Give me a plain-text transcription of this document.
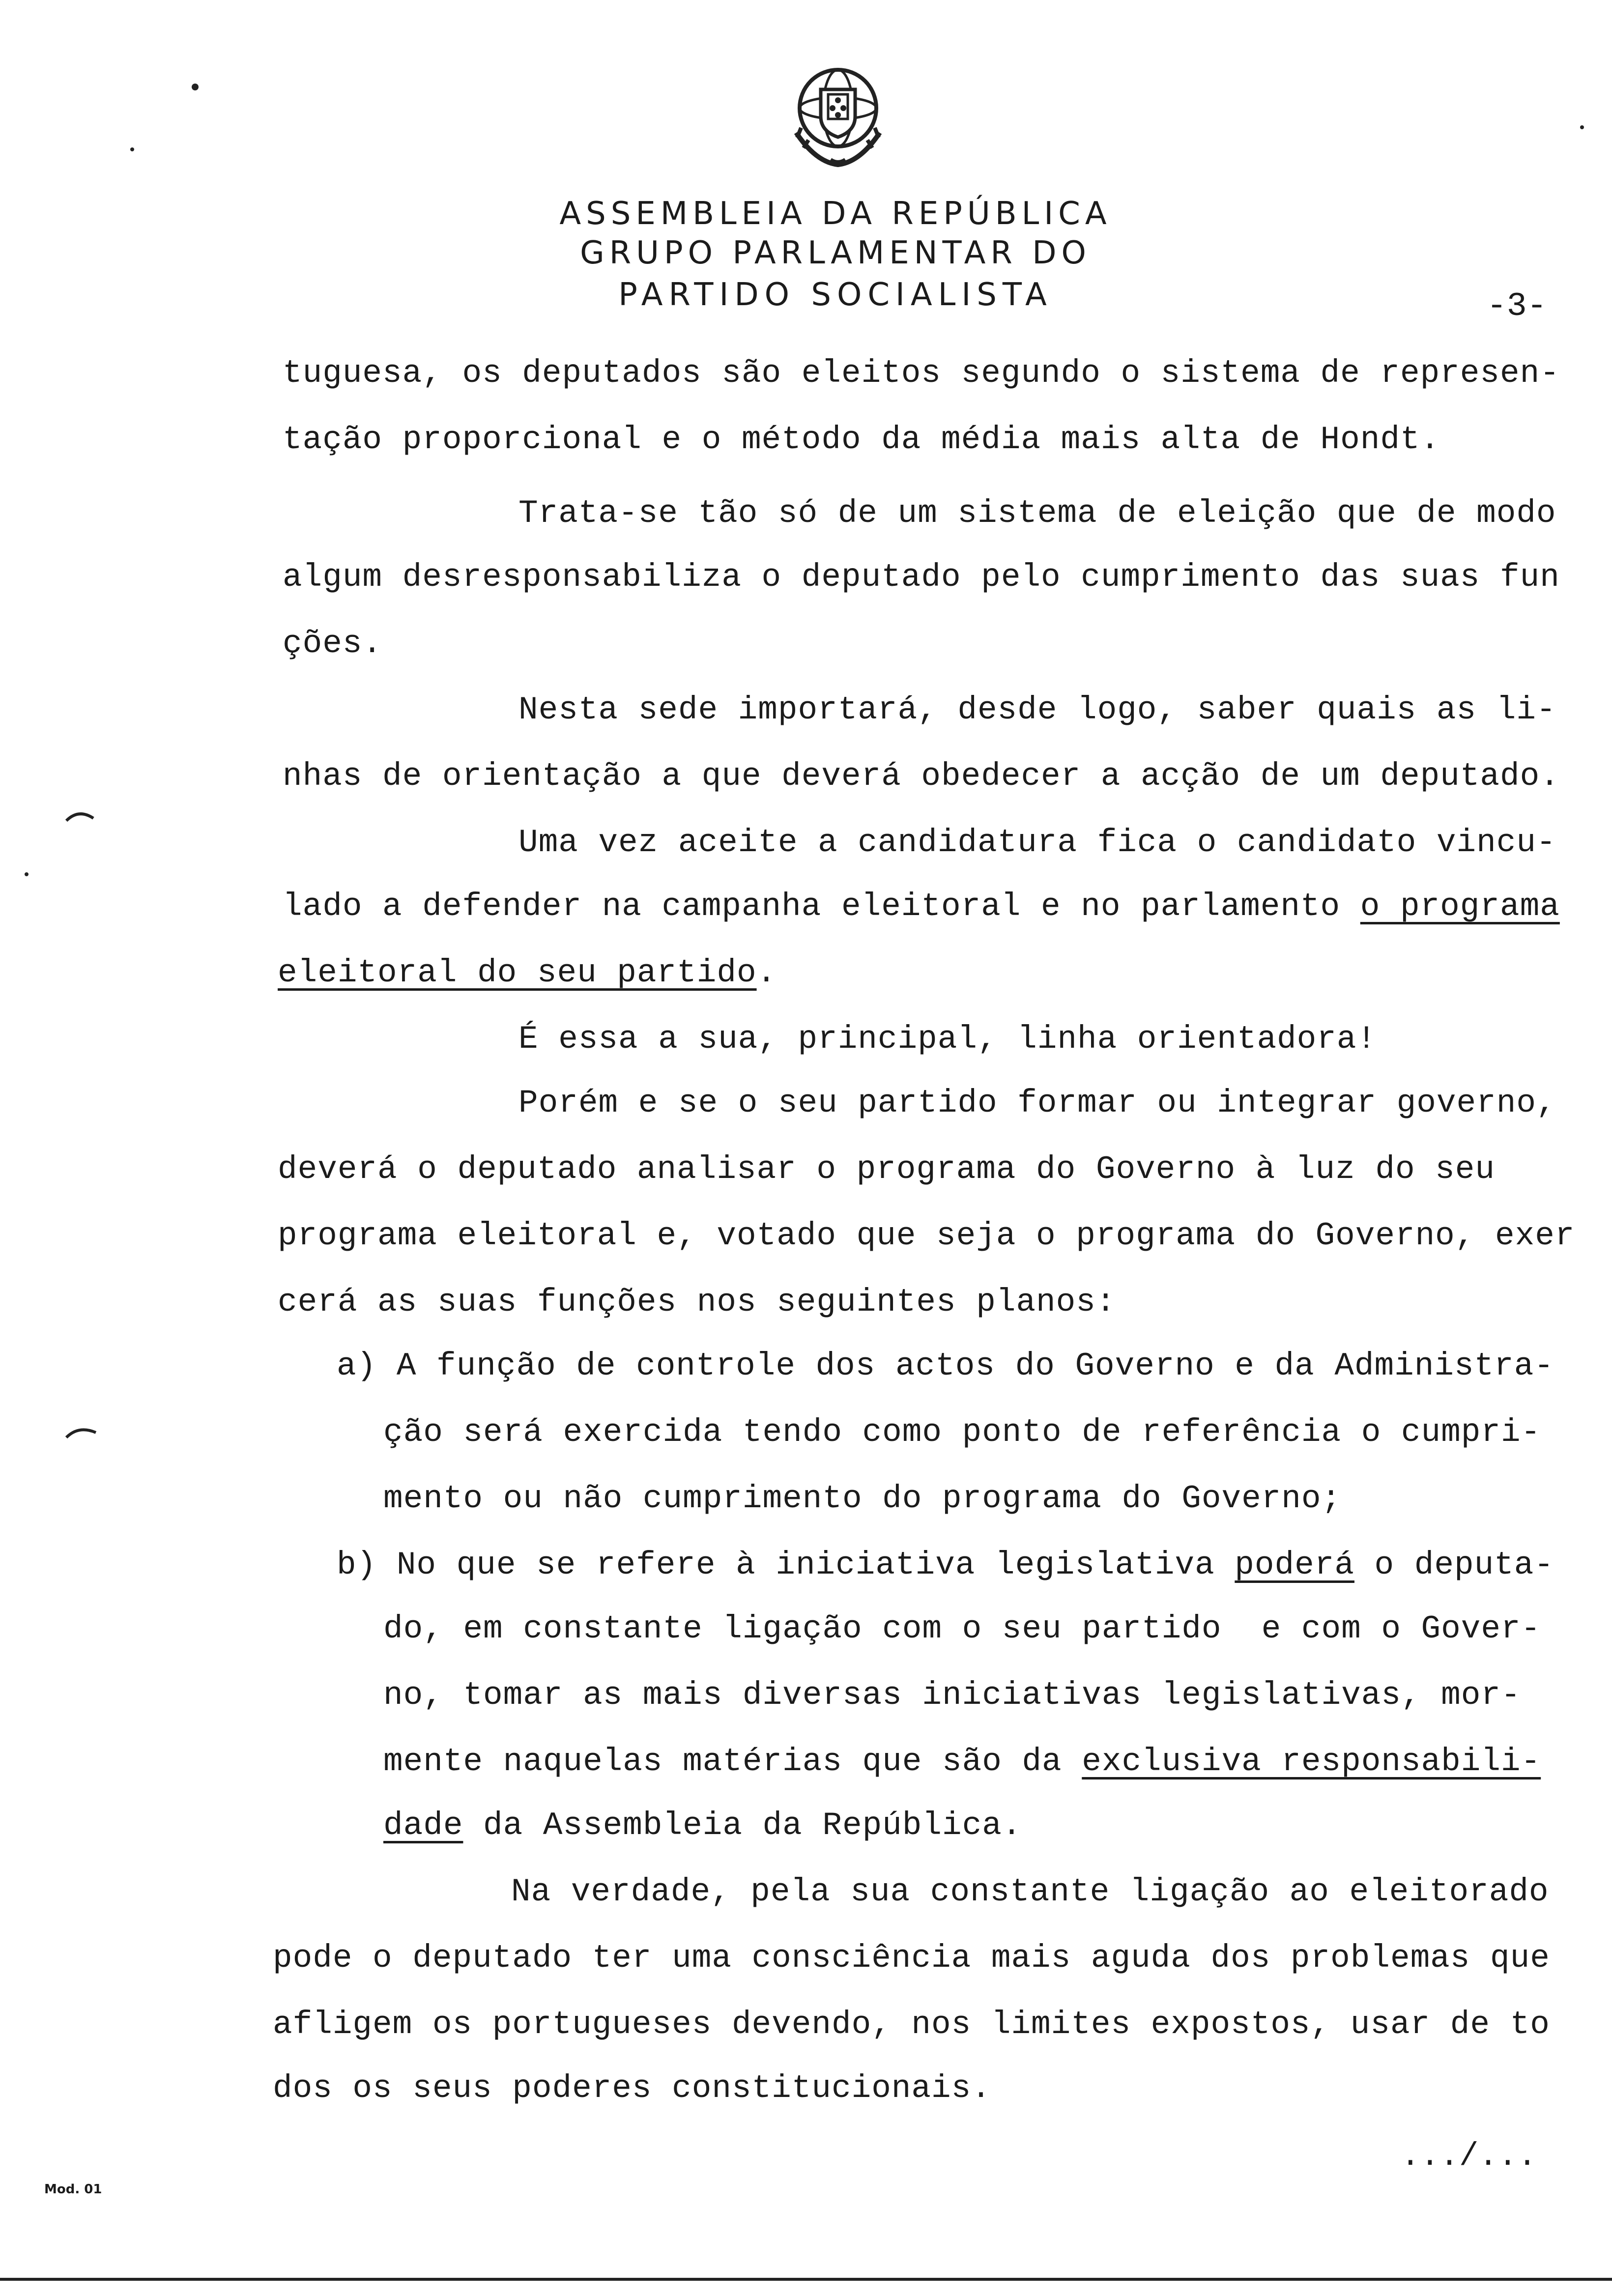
ASSEMBLEIA DA REPÚBLICA
GRUPO PARLAMENTAR DO
PARTIDO SOCIALISTA	-3-
tuguesa, os deputados são eleitos segundo o sistema de represen-
tação proporcional e o método da média mais alta de Hondt.
Trata-se tão só de um sistema de eleição que de modo
algum desresponsabiliza o deputado pelo cumprimento das suas fun
ções.
Nesta sede importará, desde logo, saber quais as li-
nhas de orientação a que deverá obedecer a acção de um deputado.
Uma vez aceite a candidatura fica o candidato vincu-
lado a defender na campanha eleitoral e no parlamento o programa
eleitoral do seu partido.
É essa a sua, principal, linha orientadora!
Porém e se o seu partido formar ou integrar governo,
deverá o deputado analisar o programa do Governo à luz do seu
programa eleitoral e, votado que seja o programa do Governo, exer
cerá as suas funções nos seguintes planos:
a) A função de controle dos actos do Governo e da Administra-
ção será exercida tendo como ponto de referência o cumpri-
mento ou não cumprimento do programa do Governo;
b) No que se refere à iniciativa legislativa poderá o deputa-
do, em constante ligação com o seu partido  e com o Gover-
no, tomar as mais diversas iniciativas legislativas, mor-
mente naquelas matérias que são da exclusiva responsabili-
dade da Assembleia da República.
Na verdade, pela sua constante ligação ao eleitorado
pode o deputado ter uma consciência mais aguda dos problemas que
afligem os portugueses devendo, nos limites expostos, usar de to
dos os seus poderes constitucionais.
.../...
Mod. 01
